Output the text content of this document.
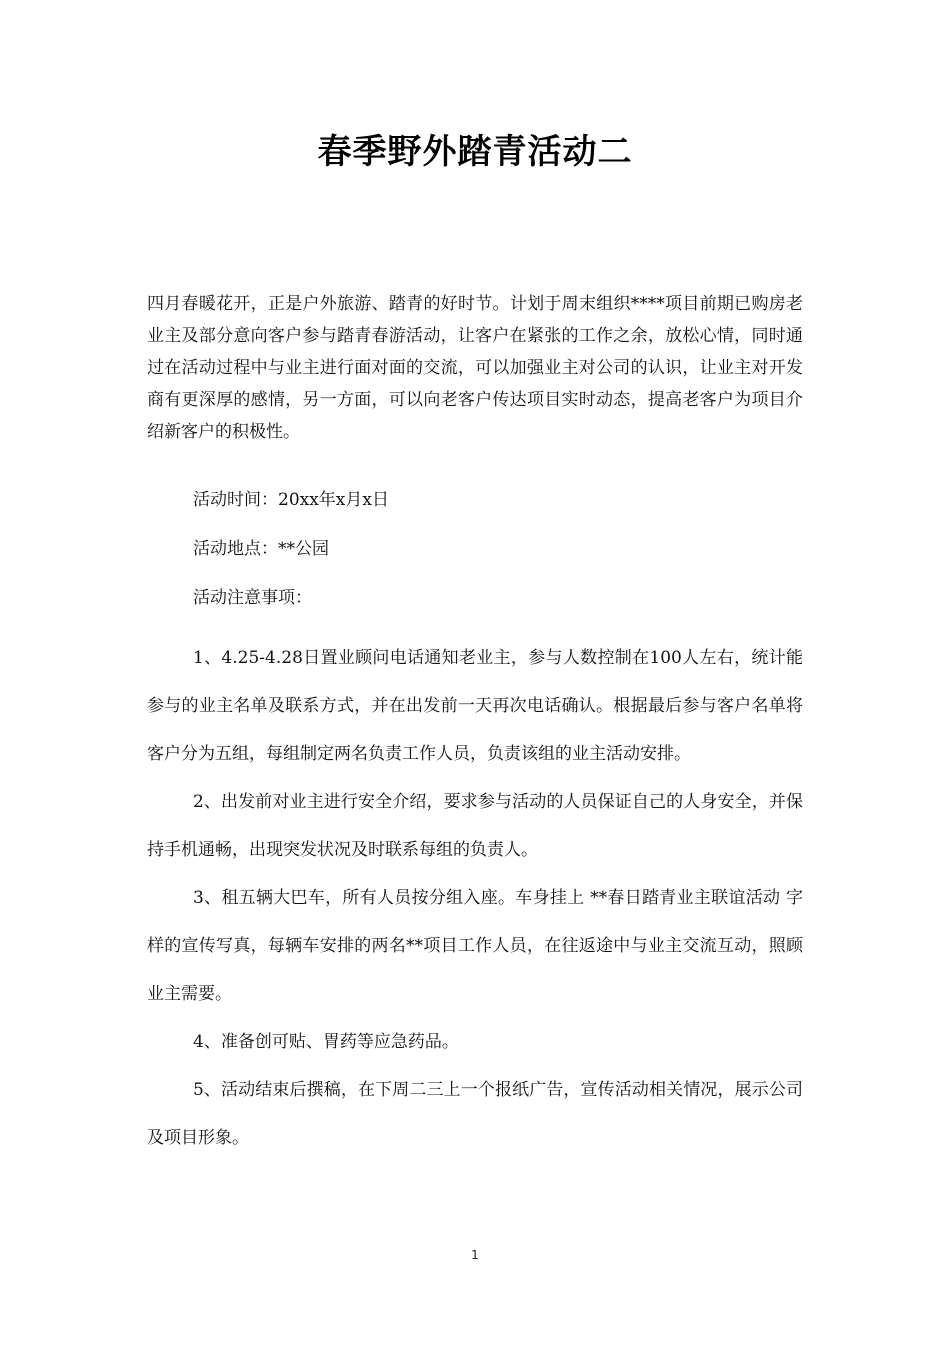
春季野外踏青活动二

四月春暖花开，正是户外旅游、踏青的好时节。计划于周末组织****项目前期已购房老业主及部分意向客户参与踏青春游活动，让客户在紧张的工作之余，放松心情，同时通过在活动过程中与业主进行面对面的交流，可以加强业主对公司的认识，让业主对开发商有更深厚的感情，另一方面，可以向老客户传达项目实时动态，提高老客户为项目介绍新客户的积极性。

活动时间：20xx年x月x日

活动地点：**公园

活动注意事项：

1、4.25-4.28日置业顾问电话通知老业主，参与人数控制在100人左右，统计能参与的业主名单及联系方式，并在出发前一天再次电话确认。根据最后参与客户名单将客户分为五组，每组制定两名负责工作人员，负责该组的业主活动安排。

2、出发前对业主进行安全介绍，要求参与活动的人员保证自己的人身安全，并保持手机通畅，出现突发状况及时联系每组的负责人。

3、租五辆大巴车，所有人员按分组入座。车身挂上 **春日踏青业主联谊活动 字样的宣传写真，每辆车安排的两名**项目工作人员，在往返途中与业主交流互动，照顾业主需要。

4、准备创可贴、胃药等应急药品。

5、活动结束后撰稿，在下周二三上一个报纸广告，宣传活动相关情况，展示公司及项目形象。

1
